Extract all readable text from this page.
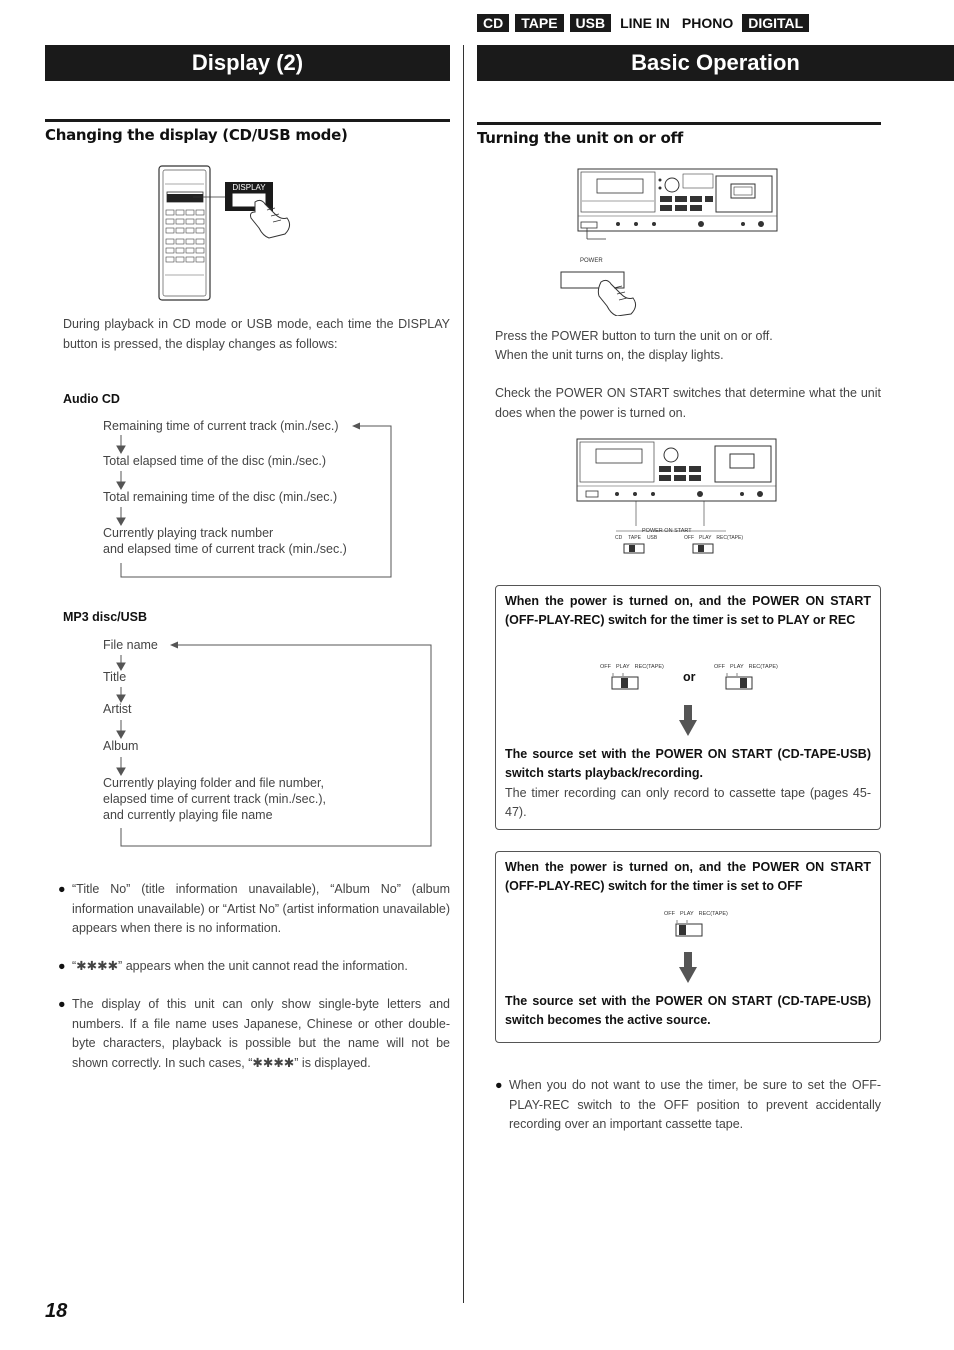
CD	TAPE	USB	LINE IN PHONO	DIGITAL
Display (2)	Basic Operation
Changing the display (CD/USB mode)
DISPLAY
During playback in CD mode or USB mode, each time the DISPLAY button is pressed, the display changes as follows:
Audio CD
Remaining time of current track (min./sec.)
Total elapsed time of the disc (min./sec.)
Total remaining time of the disc (min./sec.)
Currently playing track number
and elapsed time of current track (min./sec.)
MP3 disc/USB
File name
Title
Artist
Album
Currently playing folder and file number,
elapsed time of current track (min./sec.),
and currently playing file name
● “Title No” (title information unavailable), “Album No” (album information unavailable) or “Artist No” (artist information unavailable) appears when there is no information.
● “✱✱✱✱” appears when the unit cannot read the information.
● The display of this unit can only show single-byte letters and numbers. If a file name uses Japanese, Chinese or other double-byte characters, playback is possible but the name will not be shown correctly. In such cases, “✱✱✱✱” is displayed.
18
Turning the unit on or off
POWER
Press the POWER button to turn the unit on or off.
When the unit turns on, the display lights.
Check the POWER ON START switches that determine what the unit does when the power is turned on.
POWER ON START
CD TAPE USB	OFF PLAY REC(TAPE)
When the power is turned on, and the POWER ON START (OFF-PLAY-REC) switch for the timer is set to PLAY or REC
OFF PLAY REC(TAPE)
or
OFF PLAY REC(TAPE)
The source set with the POWER ON START (CD-TAPE-USB) switch starts playback/recording.
The timer recording can only record to cassette tape (pages 45-47).
When the power is turned on, and the POWER ON START (OFF-PLAY-REC) switch for the timer is set to OFF
OFF PLAY REC(TAPE)
The source set with the POWER ON START (CD-TAPE-USB) switch becomes the active source.
● When you do not want to use the timer, be sure to set the OFF-PLAY-REC switch to the OFF position to prevent accidentally recording over an important cassette tape.
